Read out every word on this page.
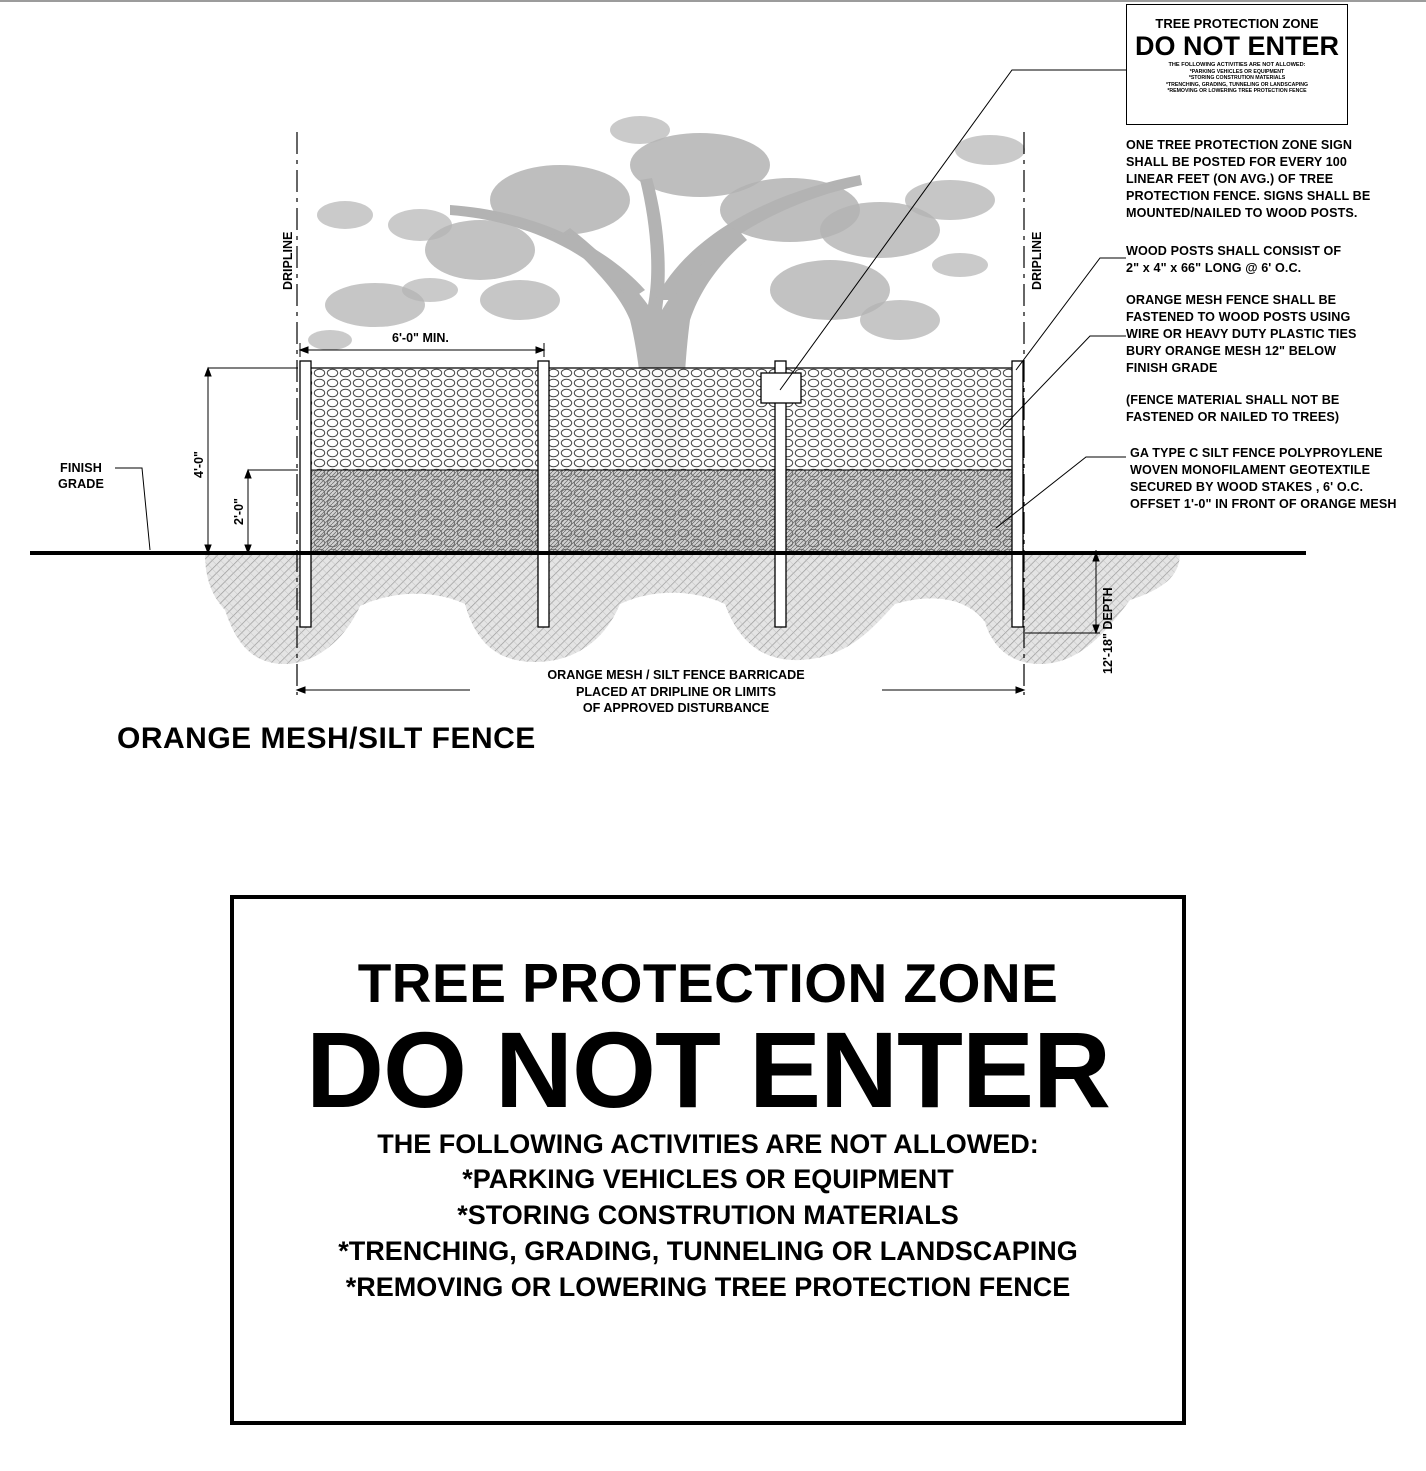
DRIPLINE	DRIPLINE
4'-0"
2'-0"
12'-18" DEPTH
6'-0" MIN.
FINISH
GRADE
ORANGE MESH / SILT FENCE BARRICADE
PLACED AT DRIPLINE OR LIMITS
OF APPROVED DISTURBANCE
TREE PROTECTION ZONE
DO NOT ENTER
THE FOLLOWING ACTIVITIES ARE NOT ALLOWED:
*PARKING VEHICLES OR EQUIPMENT
*STORING CONSTRUTION MATERIALS
*TRENCHING, GRADING, TUNNELING OR LANDSCAPING
*REMOVING OR LOWERING TREE PROTECTION FENCE
ONE TREE PROTECTION ZONE SIGN
SHALL BE POSTED FOR EVERY 100
LINEAR FEET (ON AVG.) OF TREE
PROTECTION FENCE. SIGNS SHALL BE
MOUNTED/NAILED TO WOOD POSTS.
WOOD POSTS SHALL CONSIST OF
2" x 4" x 66" LONG @ 6' O.C.
ORANGE MESH FENCE SHALL BE
FASTENED TO WOOD POSTS USING
WIRE OR HEAVY DUTY PLASTIC TIES
BURY ORANGE MESH 12" BELOW
FINISH GRADE
(FENCE MATERIAL SHALL NOT BE
FASTENED OR NAILED TO TREES)
GA TYPE C SILT FENCE POLYPROYLENE
WOVEN MONOFILAMENT GEOTEXTILE
SECURED BY WOOD STAKES , 6' O.C.
OFFSET 1'-0" IN FRONT OF ORANGE MESH
ORANGE MESH/SILT FENCE
TREE PROTECTION ZONE
DO NOT ENTER
THE FOLLOWING ACTIVITIES ARE NOT ALLOWED:
*PARKING VEHICLES OR EQUIPMENT
*STORING CONSTRUTION MATERIALS
*TRENCHING, GRADING, TUNNELING OR LANDSCAPING
*REMOVING OR LOWERING TREE PROTECTION FENCE
